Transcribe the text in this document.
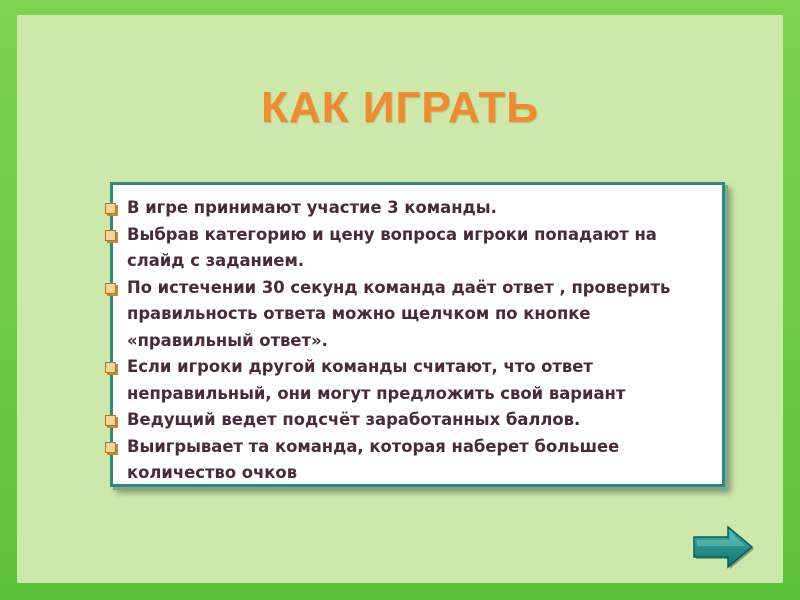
КАК ИГРАТЬ
В игре принимают участие 3 команды.
Выбрав категорию и цену вопроса игроки попадают на слайд с заданием.
По истечении 30 секунд команда даёт ответ , проверить правильность ответа можно щелчком по кнопке «правильный ответ».
Если игроки другой команды считают, что ответ неправильный, они могут предложить свой вариант
Ведущий ведет подсчёт заработанных баллов.
Выигрывает та команда, которая наберет большее количество очков
